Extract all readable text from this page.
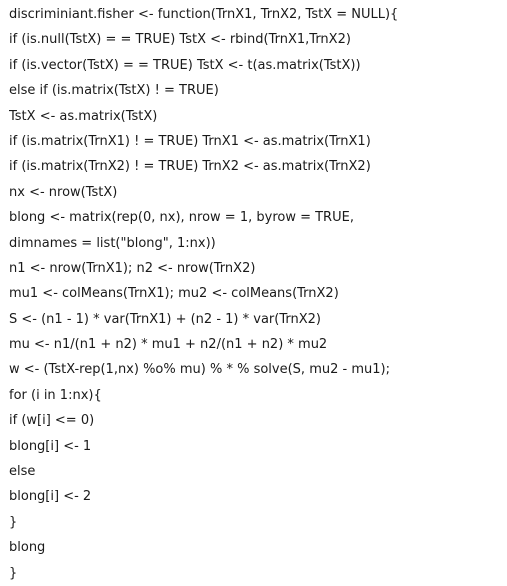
discriminiant.fisher <- function(TrnX1, TrnX2, TstX = NULL){
if (is.null(TstX) = = TRUE) TstX <- rbind(TrnX1,TrnX2)
if (is.vector(TstX) = = TRUE) TstX <- t(as.matrix(TstX))
else if (is.matrix(TstX) ! = TRUE)
TstX <- as.matrix(TstX)
if (is.matrix(TrnX1) ! = TRUE) TrnX1 <- as.matrix(TrnX1)
if (is.matrix(TrnX2) ! = TRUE) TrnX2 <- as.matrix(TrnX2)
nx <- nrow(TstX)
blong <- matrix(rep(0, nx), nrow = 1, byrow = TRUE,
dimnames = list("blong", 1:nx))
n1 <- nrow(TrnX1); n2 <- nrow(TrnX2)
mu1 <- colMeans(TrnX1); mu2 <- colMeans(TrnX2)
S <- (n1 - 1) * var(TrnX1) + (n2 - 1) * var(TrnX2)
mu <- n1/(n1 + n2) * mu1 + n2/(n1 + n2) * mu2
w <- (TstX-rep(1,nx) %o% mu) % * % solve(S, mu2 - mu1);
for (i in 1:nx){
if (w[i] <= 0)
blong[i] <- 1
else
blong[i] <- 2
}
blong
}
